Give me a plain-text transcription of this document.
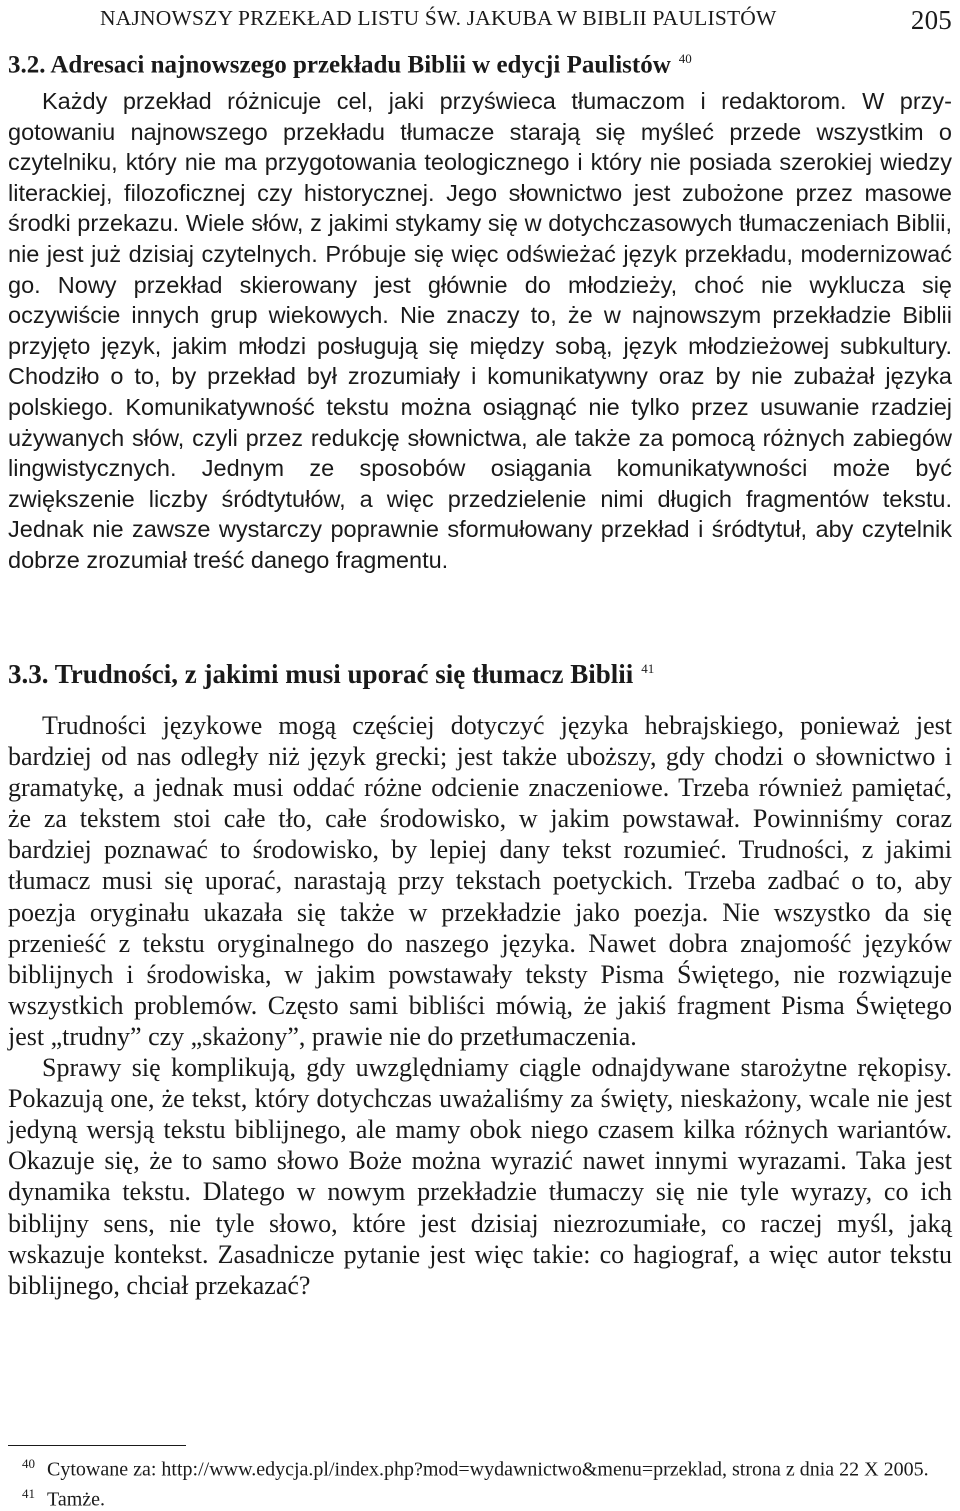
NAJNOWSZY PRZEKŁAD LISTU ŚW. JAKUBA W BIBLII PAULISTÓW	205
3.2. Adresaci najnowszego przekładu Biblii w edycji Paulistów $^{40}$

Każdy przekład różnicuje cel, jaki przyświeca tłumaczom i redaktorom. W przygotowaniu najnowszego przekładu tłumacze starają się myśleć przede wszystkim o czytelniku, który nie ma przygotowania teologicznego i który nie posiada szerokiej wiedzy literackiej, filozoficznej czy historycznej. Jego słownictwo jest zubożone przez masowe środki przekazu. Wiele słów, z jakimi stykamy się w dotychczasowych tłumaczeniach Biblii, nie jest już dzisiaj czytelnych. Próbuje się więc odświeżać język przekładu, modernizować go. Nowy przekład skierowany jest głównie do młodzieży, choć nie wyklucza się oczywiście innych grup wiekowych. Nie znaczy to, że w najnowszym przekładzie Biblii przyjęto język, jakim młodzi posługują się między sobą, język młodzieżowej subkultury. Chodziło o to, by przekład był zrozumiały i komunikatywny oraz by nie zubażał języka polskiego. Komunikatywność tekstu można osiągnąć nie tylko przez usuwanie rzadziej używanych słów, czyli przez redukcję słownictwa, ale także za pomocą różnych zabiegów lingwistycznych. Jednym ze sposobów osiągania komunikatywności może być zwiększenie liczby śródtytułów, a więc przedzielenie nimi długich fragmentów tekstu. Jednak nie zawsze wystarczy poprawnie sformułowany przekład i śródtytuł, aby czytelnik dobrze zrozumiał treść danego fragmentu.

3.3. Trudności, z jakimi musi uporać się tłumacz Biblii $^{41}$

Trudności językowe mogą częściej dotyczyć języka hebrajskiego, ponieważ jest bardziej od nas odległy niż język grecki; jest także uboższy, gdy chodzi o słownictwo i gramatykę, a jednak musi oddać różne odcienie znaczeniowe. Trzeba również pamiętać, że za tekstem stoi całe tło, całe środowisko, w jakim powstawał. Powinniśmy coraz bardziej poznawać to środowisko, by lepiej dany tekst rozumieć. Trudności, z jakimi tłumacz musi się uporać, narastają przy tekstach poetyckich. Trzeba zadbać o to, aby poezja oryginału ukazała się także w przekładzie jako poezja. Nie wszystko da się przenieść z tekstu oryginalnego do naszego języka. Nawet dobra znajomość języków biblijnych i środowiska, w jakim powstawały teksty Pisma Świętego, nie rozwiązuje wszystkich problemów. Często sami bibliści mówią, że jakiś fragment Pisma Świętego jest „trudny” czy „skażony”, prawie nie do przetłumaczenia.

Sprawy się komplikują, gdy uwzględniamy ciągle odnajdywane starożytne rękopisy. Pokazują one, że tekst, który dotychczas uważaliśmy za święty, nieskażony, wcale nie jest jedyną wersją tekstu biblijnego, ale mamy obok niego czasem kilka różnych wariantów. Okazuje się, że to samo słowo Boże można wyrazić nawet innymi wyrazami. Taka jest dynamika tekstu. Dlatego w nowym przekładzie tłumaczy się nie tyle wyrazy, co ich biblijny sens, nie tyle słowo, które jest dzisiaj niezrozumiałe, co raczej myśl, jaką wskazuje kontekst. Zasadnicze pytanie jest więc takie: co hagiograf, a więc autor tekstu biblijnego, chciał przekazać?

$^{40}$ Cytowane za: http://www.edycja.pl/index.php?mod=wydawnictwo&menu=przeklad, strona z dnia 22 X 2005.

$^{41}$ Tamże.
